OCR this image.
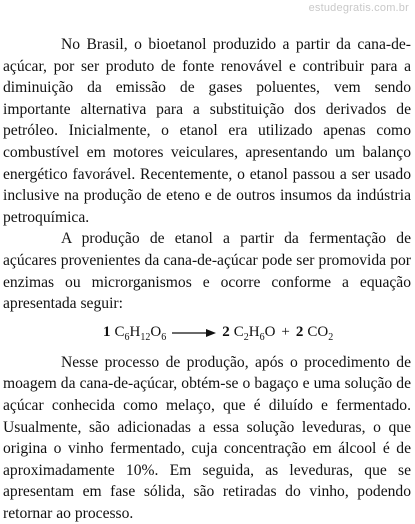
estudegratis.com.br

No Brasil, o bioetanol produzido a partir da cana-de-açúcar, por ser produto de fonte renovável e contribuir para a diminuição da emissão de gases poluentes, vem sendo importante alternativa para a substituição dos derivados de petróleo. Inicialmente, o etanol era utilizado apenas como combustível em motores veiculares, apresentando um balanço energético favorável. Recentemente, o etanol passou a ser usado inclusive na produção de eteno e de outros insumos da indústria petroquímica.

A produção de etanol a partir da fermentação de açúcares provenientes da cana-de-açúcar pode ser promovida por enzimas ou microrganismos e ocorre conforme a equação apresentada seguir:

1 $C_6H_{12}O_6 \to 2$ $C_2H_6O + 2$ $CO_2$

Nesse processo de produção, após o procedimento de moagem da cana-de-açúcar, obtém-se o bagaço e uma solução de açúcar conhecida como melaço, que é diluído e fermentado. Usualmente, são adicionadas a essa solução leveduras, o que origina o vinho fermentado, cuja concentração em álcool é de aproximadamente 10%. Em seguida, as leveduras, que se apresentam em fase sólida, são retiradas do vinho, podendo retornar ao processo.
